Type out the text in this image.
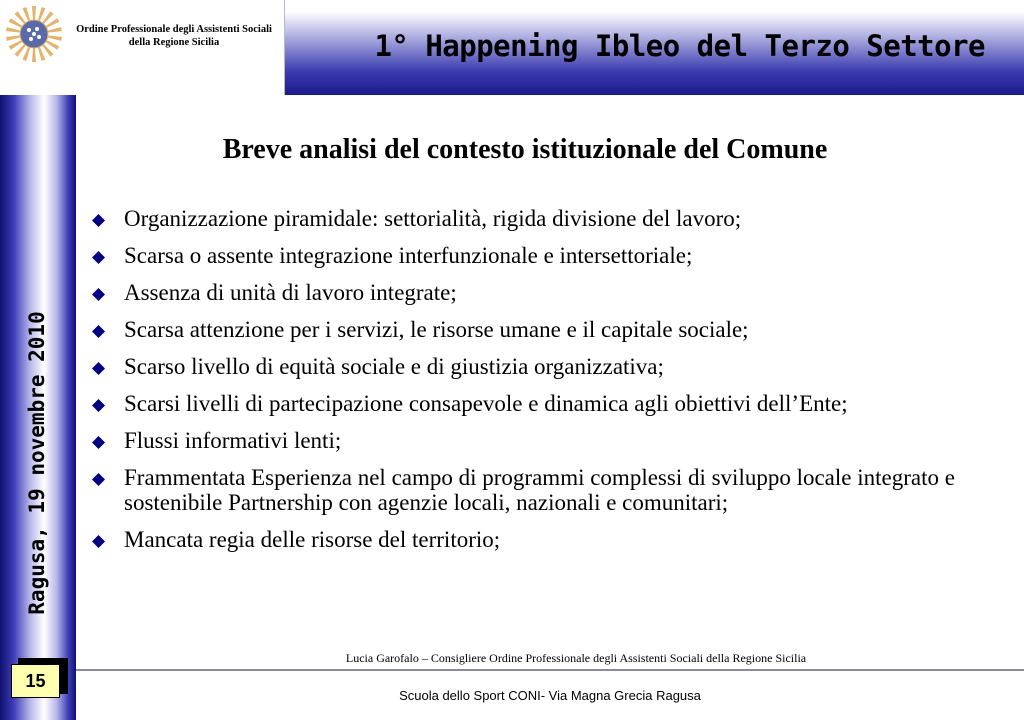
Ordine Professionale degli Assistenti Sociali
della Regione Sicilia	1° Happening Ibleo del Terzo Settore
Ragusa, 19 novembre 2010
15
Breve analisi del contesto istituzionale del Comune
Organizzazione piramidale: settorialità, rigida divisione del lavoro;
Scarsa o assente integrazione interfunzionale e intersettoriale;
Assenza di unità di lavoro integrate;
Scarsa attenzione per i servizi, le risorse umane e il capitale sociale;
Scarso livello di equità sociale e di giustizia organizzativa;
Scarsi livelli di partecipazione consapevole e dinamica agli obiettivi dell’Ente;
Flussi informativi lenti;
Frammentata Esperienza nel campo di programmi complessi di sviluppo locale integrato e sostenibile Partnership con agenzie locali, nazionali e comunitari;
Mancata regia delle risorse del territorio;
Lucia Garofalo – Consigliere Ordine Professionale degli Assistenti Sociali della Regione Sicilia
Scuola dello Sport CONI- Via Magna Grecia Ragusa
